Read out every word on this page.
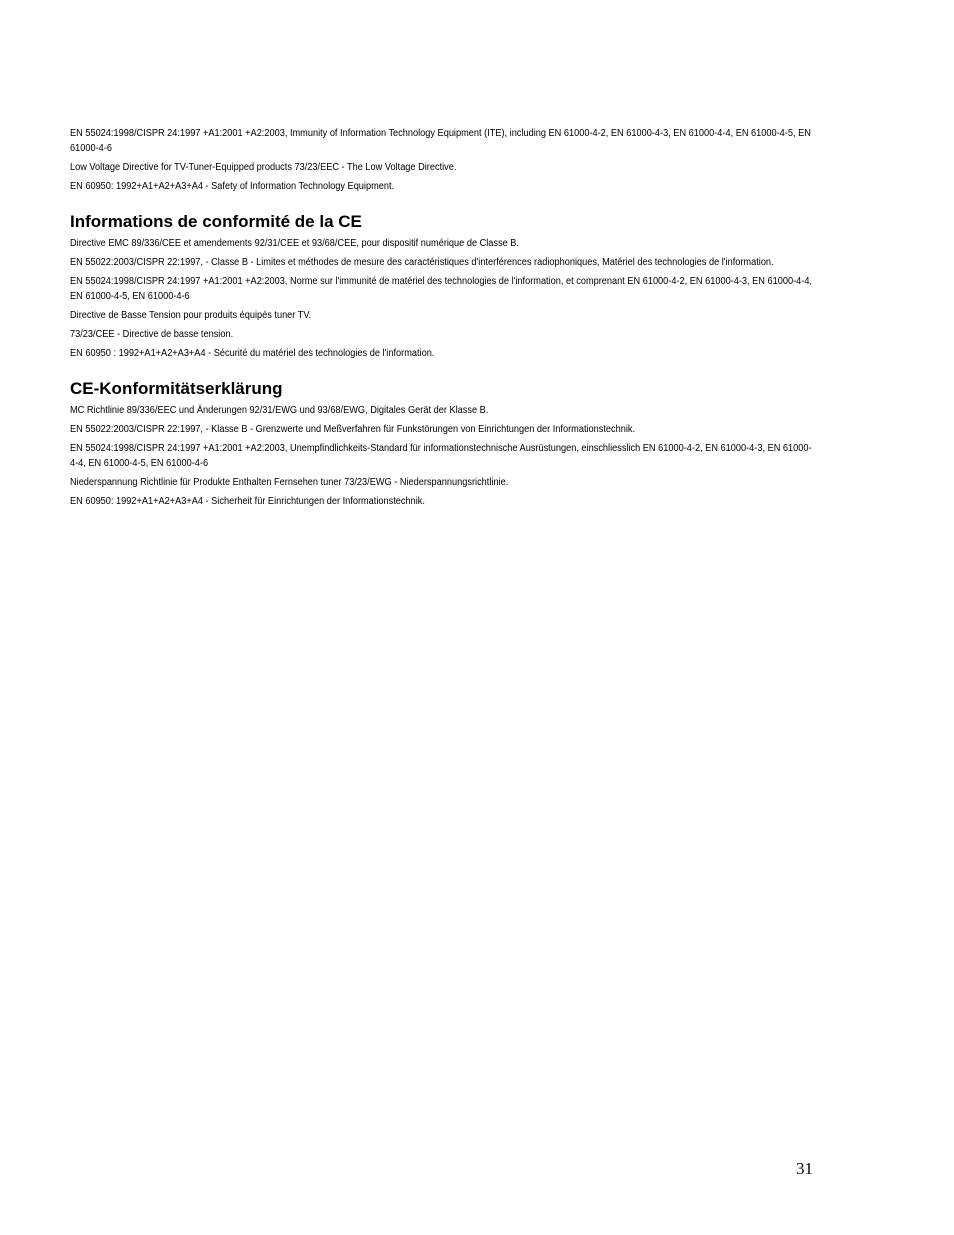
EN 55024:1998/CISPR 24:1997 +A1:2001 +A2:2003, Immunity of Information Technology Equipment (ITE), including EN 61000-4-2, EN 61000-4-3, EN 61000-4-4, EN 61000-4-5, EN 61000-4-6

Low Voltage Directive for TV-Tuner-Equipped products 73/23/EEC - The Low Voltage Directive.

EN 60950: 1992+A1+A2+A3+A4 - Safety of Information Technology Equipment.

Informations de conformité de la CE

Directive EMC 89/336/CEE et amendements 92/31/CEE et 93/68/CEE, pour dispositif numérique de Classe B.

EN 55022:2003/CISPR 22:1997, - Classe B - Limites et méthodes de mesure des caractéristiques d'interférences radiophoniques, Matériel des technologies de l'information.

EN 55024:1998/CISPR 24:1997 +A1:2001 +A2:2003, Norme sur l'immunité de matériel des technologies de l'information, et comprenant EN 61000-4-2, EN 61000-4-3, EN 61000-4-4, EN 61000-4-5, EN 61000-4-6

Directive de Basse Tension pour produits équipés tuner TV.

73/23/CEE - Directive de basse tension.

EN 60950 : 1992+A1+A2+A3+A4 - Sécurité du matériel des technologies de l'information.

CE-Konformitätserklärung

MC Richtlinie 89/336/EEC und Änderungen 92/31/EWG und 93/68/EWG, Digitales Gerät der Klasse B.

EN 55022:2003/CISPR 22:1997, - Klasse B - Grenzwerte und Meßverfahren für Funkstörungen von Einrichtungen der Informationstechnik.

EN 55024:1998/CISPR 24:1997 +A1:2001 +A2:2003, Unempfindlichkeits-Standard für informationstechnische Ausrüstungen, einschliesslich EN 61000-4-2, EN 61000-4-3, EN 61000-4-4, EN 61000-4-5, EN 61000-4-6

Niederspannung Richtlinie für Produkte Enthalten Fernsehen tuner 73/23/EWG - Niederspannungsrichtlinie.

EN 60950: 1992+A1+A2+A3+A4 - Sicherheit für Einrichtungen der Informationstechnik.

31
